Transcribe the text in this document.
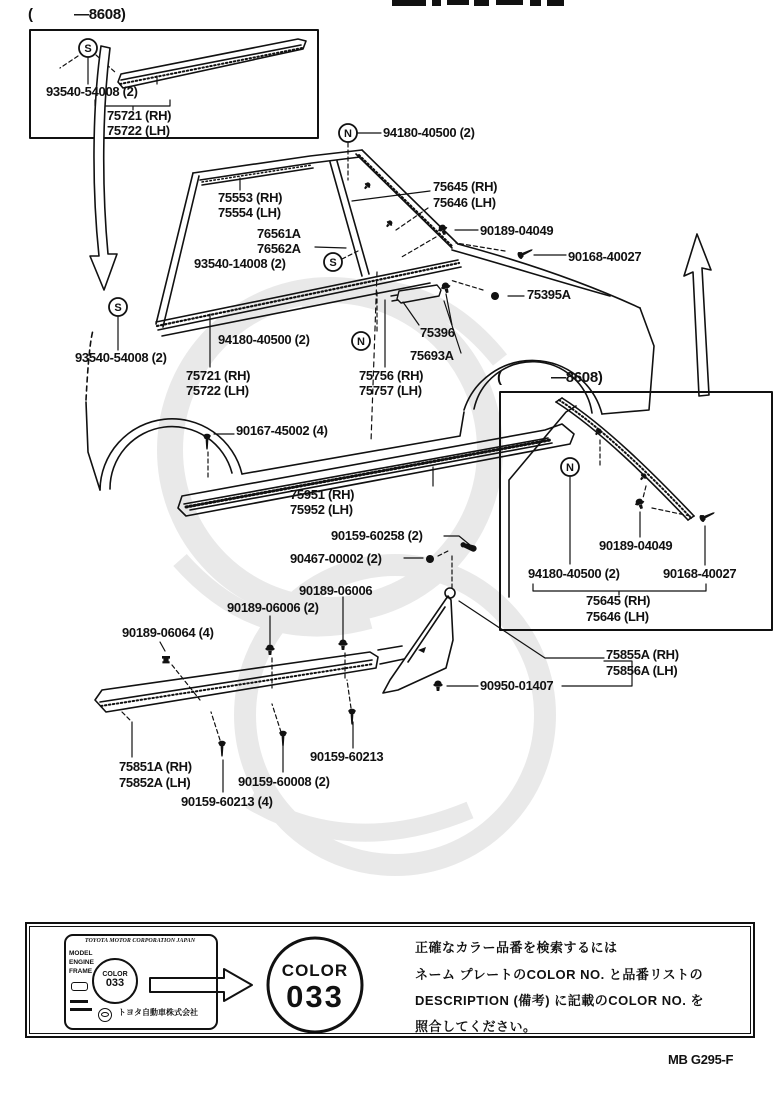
S
S
S
N
N
N
(	—8608)
93540-54008 (2)
75721 (RH)
75722 (LH)	94180-40500 (2)
75645 (RH)
75646 (LH)
75553 (RH)
75554 (LH)
76561A
76562A
93540-14008 (2)
90189-04049
90168-40027
75395A
75396
75693A
93540-54008 (2)
94180-40500 (2)
75721 (RH)
75722 (LH)
75756 (RH)
75757 (LH)
(	—8608)
90167-45002 (4)
75951 (RH)
75952 (LH)
90159-60258 (2)
90467-00002 (2)
90189-06006
90189-06006 (2)
90189-06064 (4)
90189-04049
94180-40500 (2)	90168-40027
75645 (RH)
75646 (LH)
75855A (RH)
75856A (LH)
90950-01407
75851A (RH)
75852A (LH)
90159-60213
90159-60008 (2)
90159-60213 (4)
TOYOTA MOTOR CORPORATION JAPAN
MODEL
ENGINE
FRAME	COLOR
033
トヨタ自動車株式会社
COLOR
033
正確なカラー品番を検索するには
ネーム プレートのCOLOR NO. と品番リストの
DESCRIPTION (備考) に記載のCOLOR NO. を
照合してください。
MB G295-F
